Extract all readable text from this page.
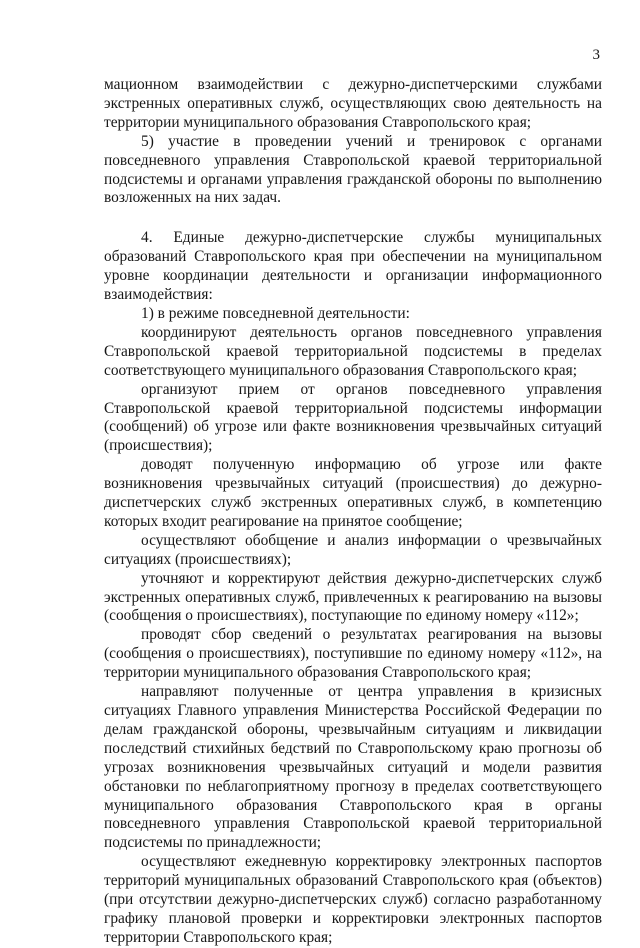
3

мационном взаимодействии с дежурно-диспетчерскими службами экстренных оперативных служб, осуществляющих свою деятельность на территории муниципального образования Ставропольского края;

5) участие в проведении учений и тренировок с органами повседневного управления Ставропольской краевой территориальной подсистемы и органами управления гражданской обороны по выполнению возложенных на них задач.

4. Единые дежурно-диспетчерские службы муниципальных образований Ставропольского края при обеспечении на муниципальном уровне координации деятельности и организации информационного взаимодействия:

1) в режиме повседневной деятельности:

координируют деятельность органов повседневного управления Ставропольской краевой территориальной подсистемы в пределах соответствующего муниципального образования Ставропольского края;

организуют прием от органов повседневного управления Ставропольской краевой территориальной подсистемы информации (сообщений) об угрозе или факте возникновения чрезвычайных ситуаций (происшествия);

доводят полученную информацию об угрозе или факте возникновения чрезвычайных ситуаций (происшествия) до дежурно-диспетчерских служб экстренных оперативных служб, в компетенцию которых входит реагирование на принятое сообщение;

осуществляют обобщение и анализ информации о чрезвычайных ситуациях (происшествиях);

уточняют и корректируют действия дежурно-диспетчерских служб экстренных оперативных служб, привлеченных к реагированию на вызовы (сообщения о происшествиях), поступающие по единому номеру «112»;

проводят сбор сведений о результатах реагирования на вызовы (сообщения о происшествиях), поступившие по единому номеру «112», на территории муниципального образования Ставропольского края;

направляют полученные от центра управления в кризисных ситуациях Главного управления Министерства Российской Федерации по делам гражданской обороны, чрезвычайным ситуациям и ликвидации последствий стихийных бедствий по Ставропольскому краю прогнозы об угрозах возникновения чрезвычайных ситуаций и модели развития обстановки по неблагоприятному прогнозу в пределах соответствующего муниципального образования Ставропольского края в органы повседневного управления Ставропольской краевой территориальной подсистемы по принадлежности;

осуществляют ежедневную корректировку электронных паспортов территорий муниципальных образований Ставропольского края (объектов) (при отсутствии дежурно-диспетчерских служб) согласно разработанному графику плановой проверки и корректировки электронных паспортов территории Ставропольского края;
